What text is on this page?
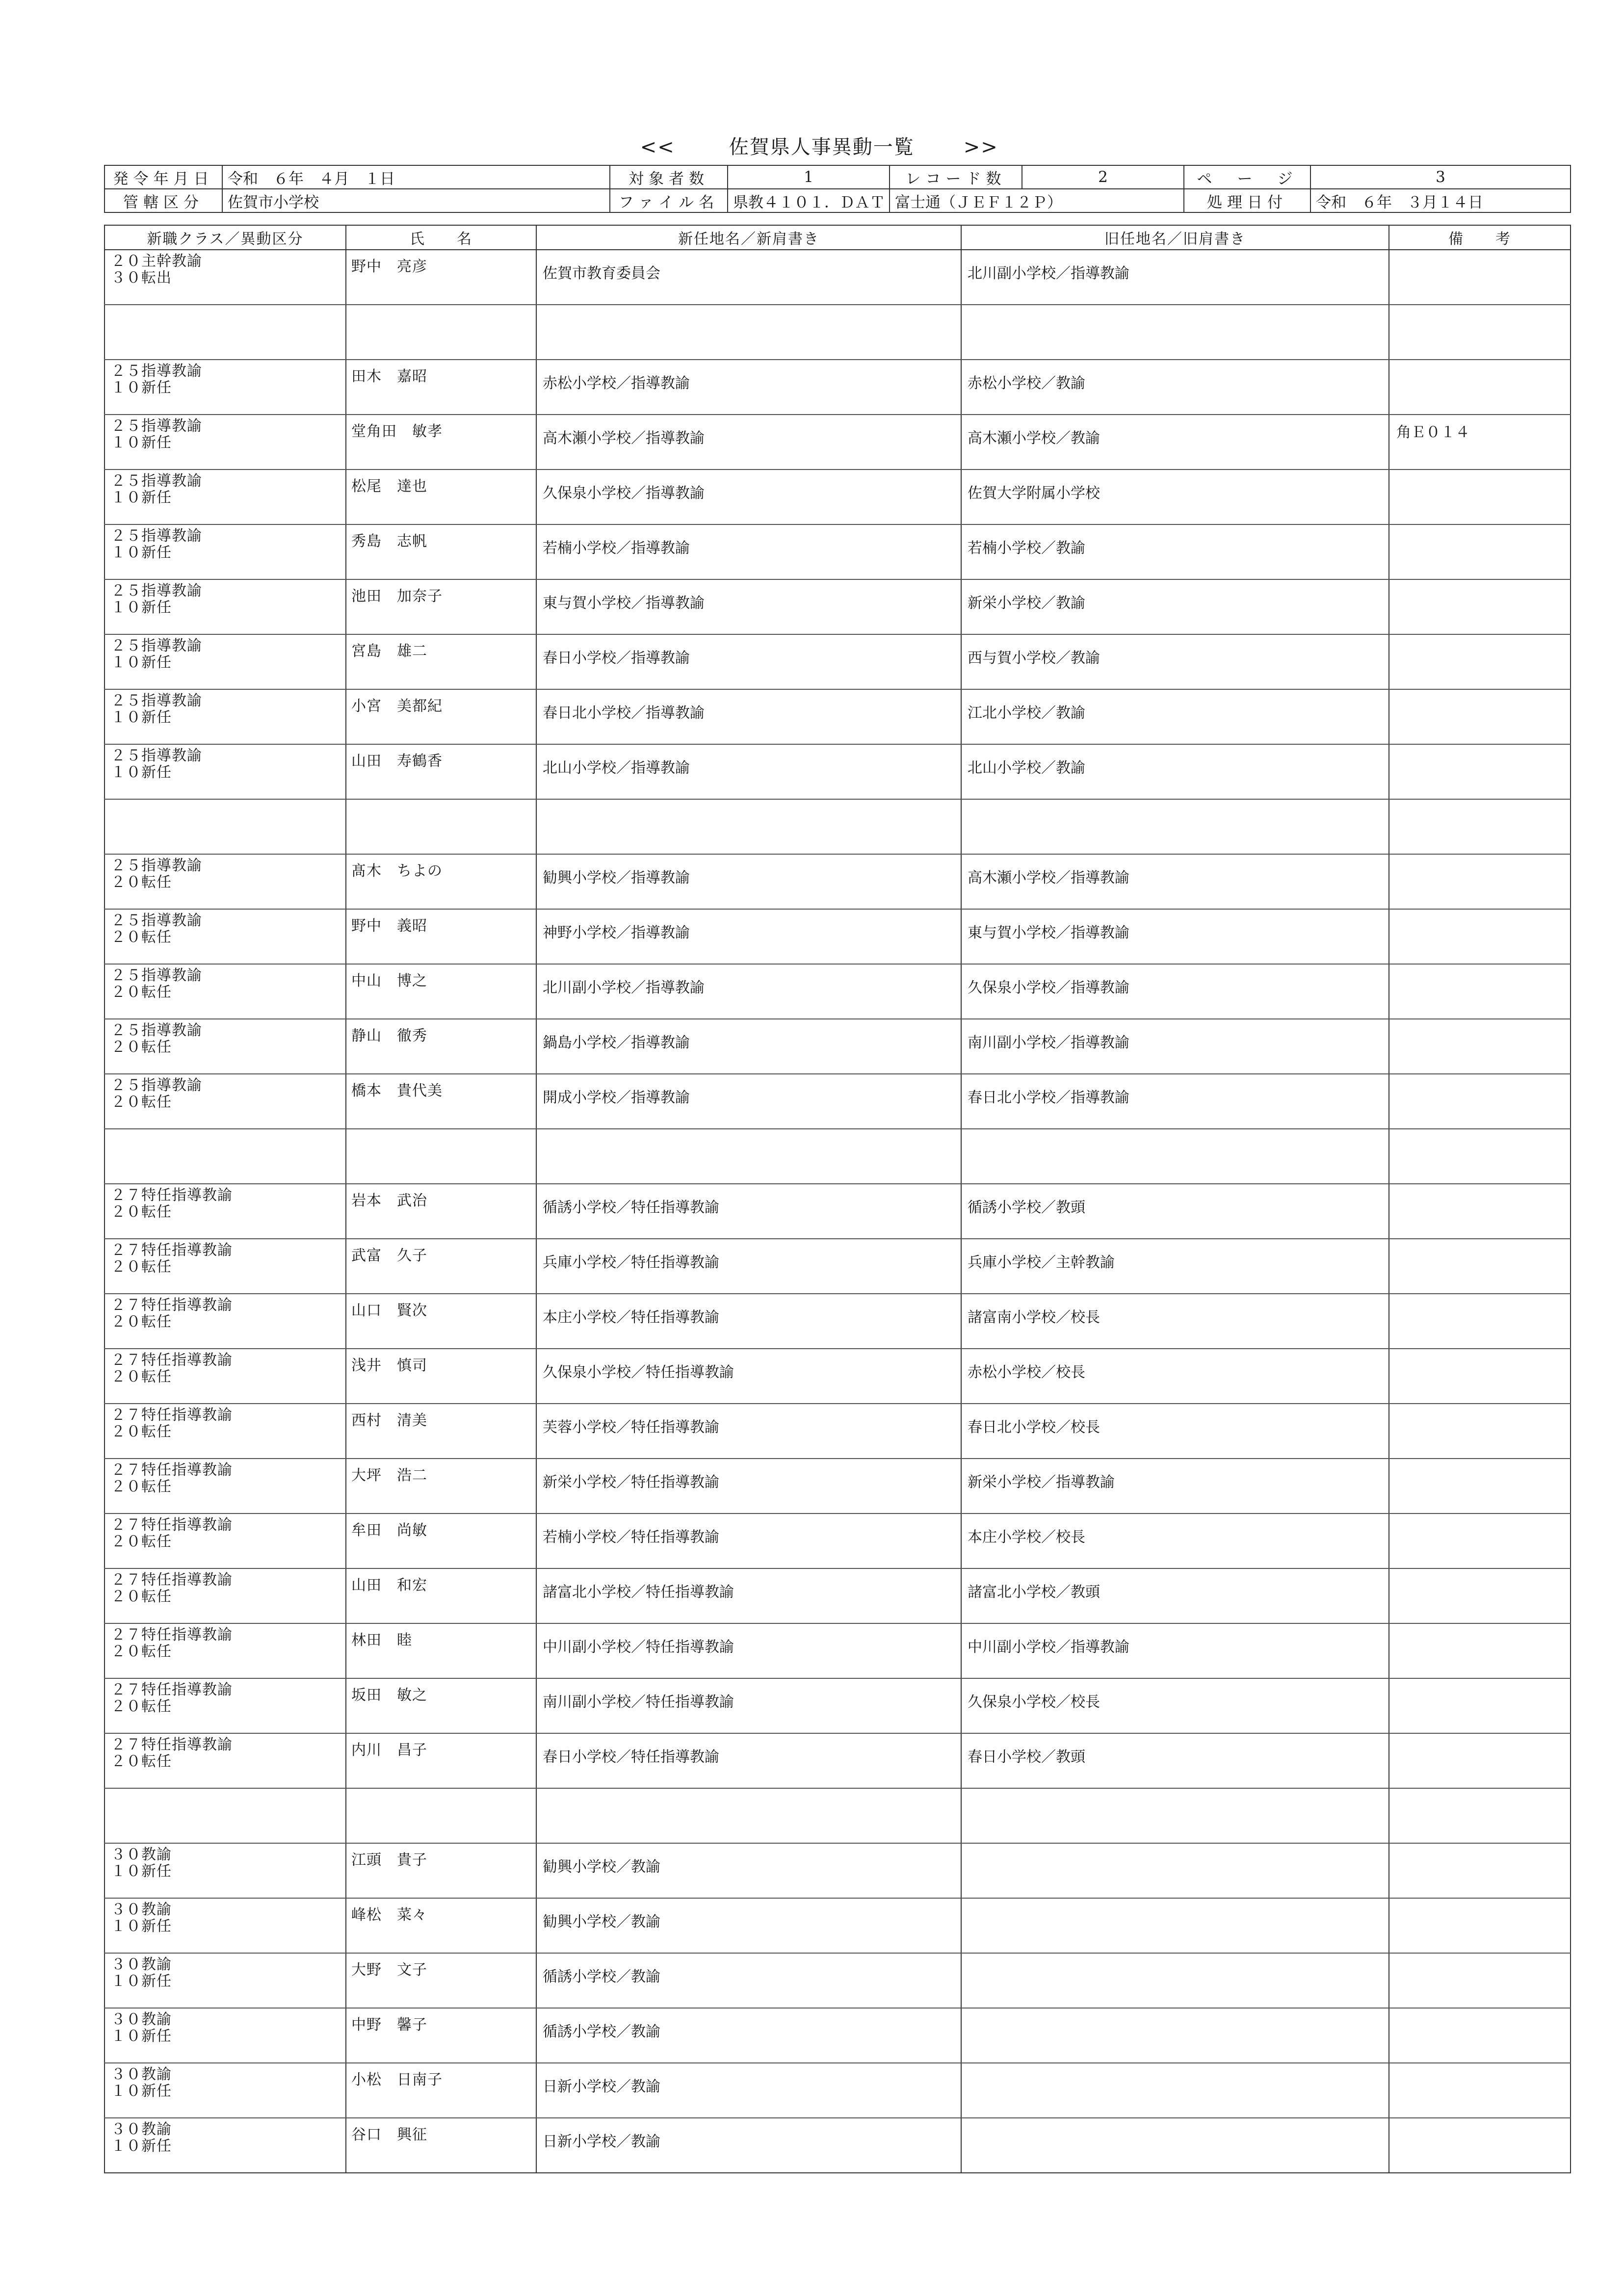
<<	佐賀県人事異動一覧	>>

発令年月日	令和　６年　４月　１日	対象者数	1	レコード数	2	ペ　ー　ジ	3
管轄区分	佐賀市小学校	ファイル名	県教４１０１．ＤＡＴ	富士通（ＪＥＦ１２Ｐ）		処理日付	令和　６年　３月１４日
新職クラス／異動区分	氏　　名	新任地名／新肩書き	旧任地名／旧肩書き	備　　考

２０主幹教諭
３０転出	野中　亮彦	佐賀市教育委員会	北川副小学校／指導教諭	

２５指導教諭
１０新任	田木　嘉昭	赤松小学校／指導教諭	赤松小学校／教諭	

２５指導教諭
１０新任	堂角田　敏孝	高木瀬小学校／指導教諭	高木瀬小学校／教諭	角Ｅ０１４

２５指導教諭
１０新任	松尾　達也	久保泉小学校／指導教諭	佐賀大学附属小学校	

２５指導教諭
１０新任	秀島　志帆	若楠小学校／指導教諭	若楠小学校／教諭	

２５指導教諭
１０新任	池田　加奈子	東与賀小学校／指導教諭	新栄小学校／教諭	

２５指導教諭
１０新任	宮島　雄二	春日小学校／指導教諭	西与賀小学校／教諭	

２５指導教諭
１０新任	小宮　美都紀	春日北小学校／指導教諭	江北小学校／教諭	

２５指導教諭
１０新任	山田　寿鶴香	北山小学校／指導教諭	北山小学校／教諭	

２５指導教諭
２０転任	髙木　ちよの	勧興小学校／指導教諭	高木瀬小学校／指導教諭	

２５指導教諭
２０転任	野中　義昭	神野小学校／指導教諭	東与賀小学校／指導教諭	

２５指導教諭
２０転任	中山　博之	北川副小学校／指導教諭	久保泉小学校／指導教諭	

２５指導教諭
２０転任	静山　徹秀	鍋島小学校／指導教諭	南川副小学校／指導教諭	

２５指導教諭
２０転任	橋本　貴代美	開成小学校／指導教諭	春日北小学校／指導教諭	

２７特任指導教諭
２０転任	岩本　武治	循誘小学校／特任指導教諭	循誘小学校／教頭	

２７特任指導教諭
２０転任	武富　久子	兵庫小学校／特任指導教諭	兵庫小学校／主幹教諭	

２７特任指導教諭
２０転任	山口　賢次	本庄小学校／特任指導教諭	諸富南小学校／校長	

２７特任指導教諭
２０転任	浅井　慎司	久保泉小学校／特任指導教諭	赤松小学校／校長	

２７特任指導教諭
２０転任	西村　清美	芙蓉小学校／特任指導教諭	春日北小学校／校長	

２７特任指導教諭
２０転任	大坪　浩二	新栄小学校／特任指導教諭	新栄小学校／指導教諭	

２７特任指導教諭
２０転任	牟田　尚敏	若楠小学校／特任指導教諭	本庄小学校／校長	

２７特任指導教諭
２０転任	山田　和宏	諸富北小学校／特任指導教諭	諸富北小学校／教頭	

２７特任指導教諭
２０転任	林田　睦	中川副小学校／特任指導教諭	中川副小学校／指導教諭	

２７特任指導教諭
２０転任	坂田　敏之	南川副小学校／特任指導教諭	久保泉小学校／校長	

２７特任指導教諭
２０転任	内川　昌子	春日小学校／特任指導教諭	春日小学校／教頭	

３０教諭
１０新任	江頭　貴子	勧興小学校／教諭		

３０教諭
１０新任	峰松　菜々	勧興小学校／教諭		

３０教諭
１０新任	大野　文子	循誘小学校／教諭		

３０教諭
１０新任	中野　馨子	循誘小学校／教諭		

３０教諭
１０新任	小松　日南子	日新小学校／教諭		

３０教諭
１０新任	谷口　興征	日新小学校／教諭		
